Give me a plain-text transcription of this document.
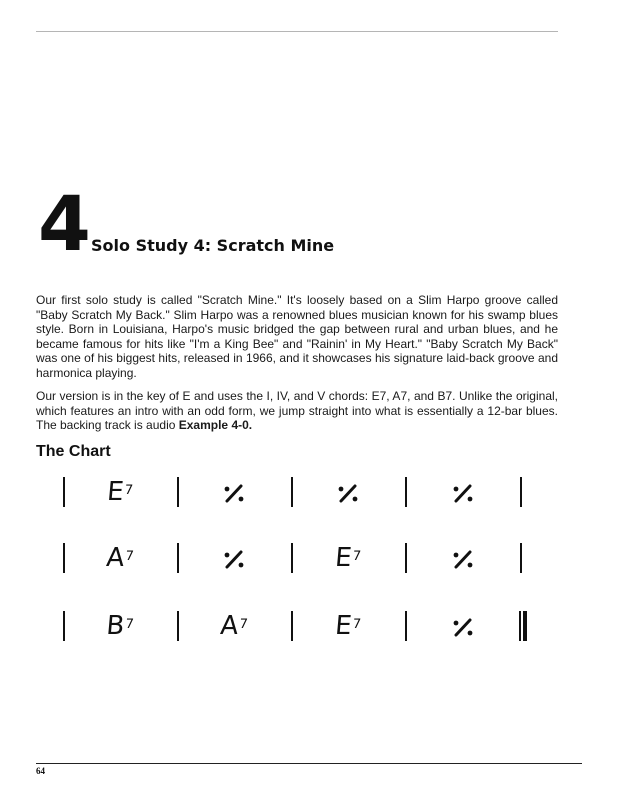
4 Solo Study 4: Scratch Mine

Our first solo study is called "Scratch Mine." It's loosely based on a Slim Harpo groove called "Baby Scratch My Back." Slim Harpo was a renowned blues musician known for his swamp blues style. Born in Louisiana, Harpo's music bridged the gap between rural and urban blues, and he became famous for hits like "I'm a King Bee" and "Rainin' in My Heart." "Baby Scratch My Back" was one of his biggest hits, released in 1966, and it showcases his signature laid-back groove and harmonica playing.

Our version is in the key of E and uses the I, IV, and V chords: E7, A7, and B7. Unlike the original, which features an intro with an odd form, we jump straight into what is essentially a 12-bar blues. The backing track is audio Example 4-0.

The Chart
$E^7$
$A^7$	$E^7$
$B^7$	$A^7$	$E^7$
64
